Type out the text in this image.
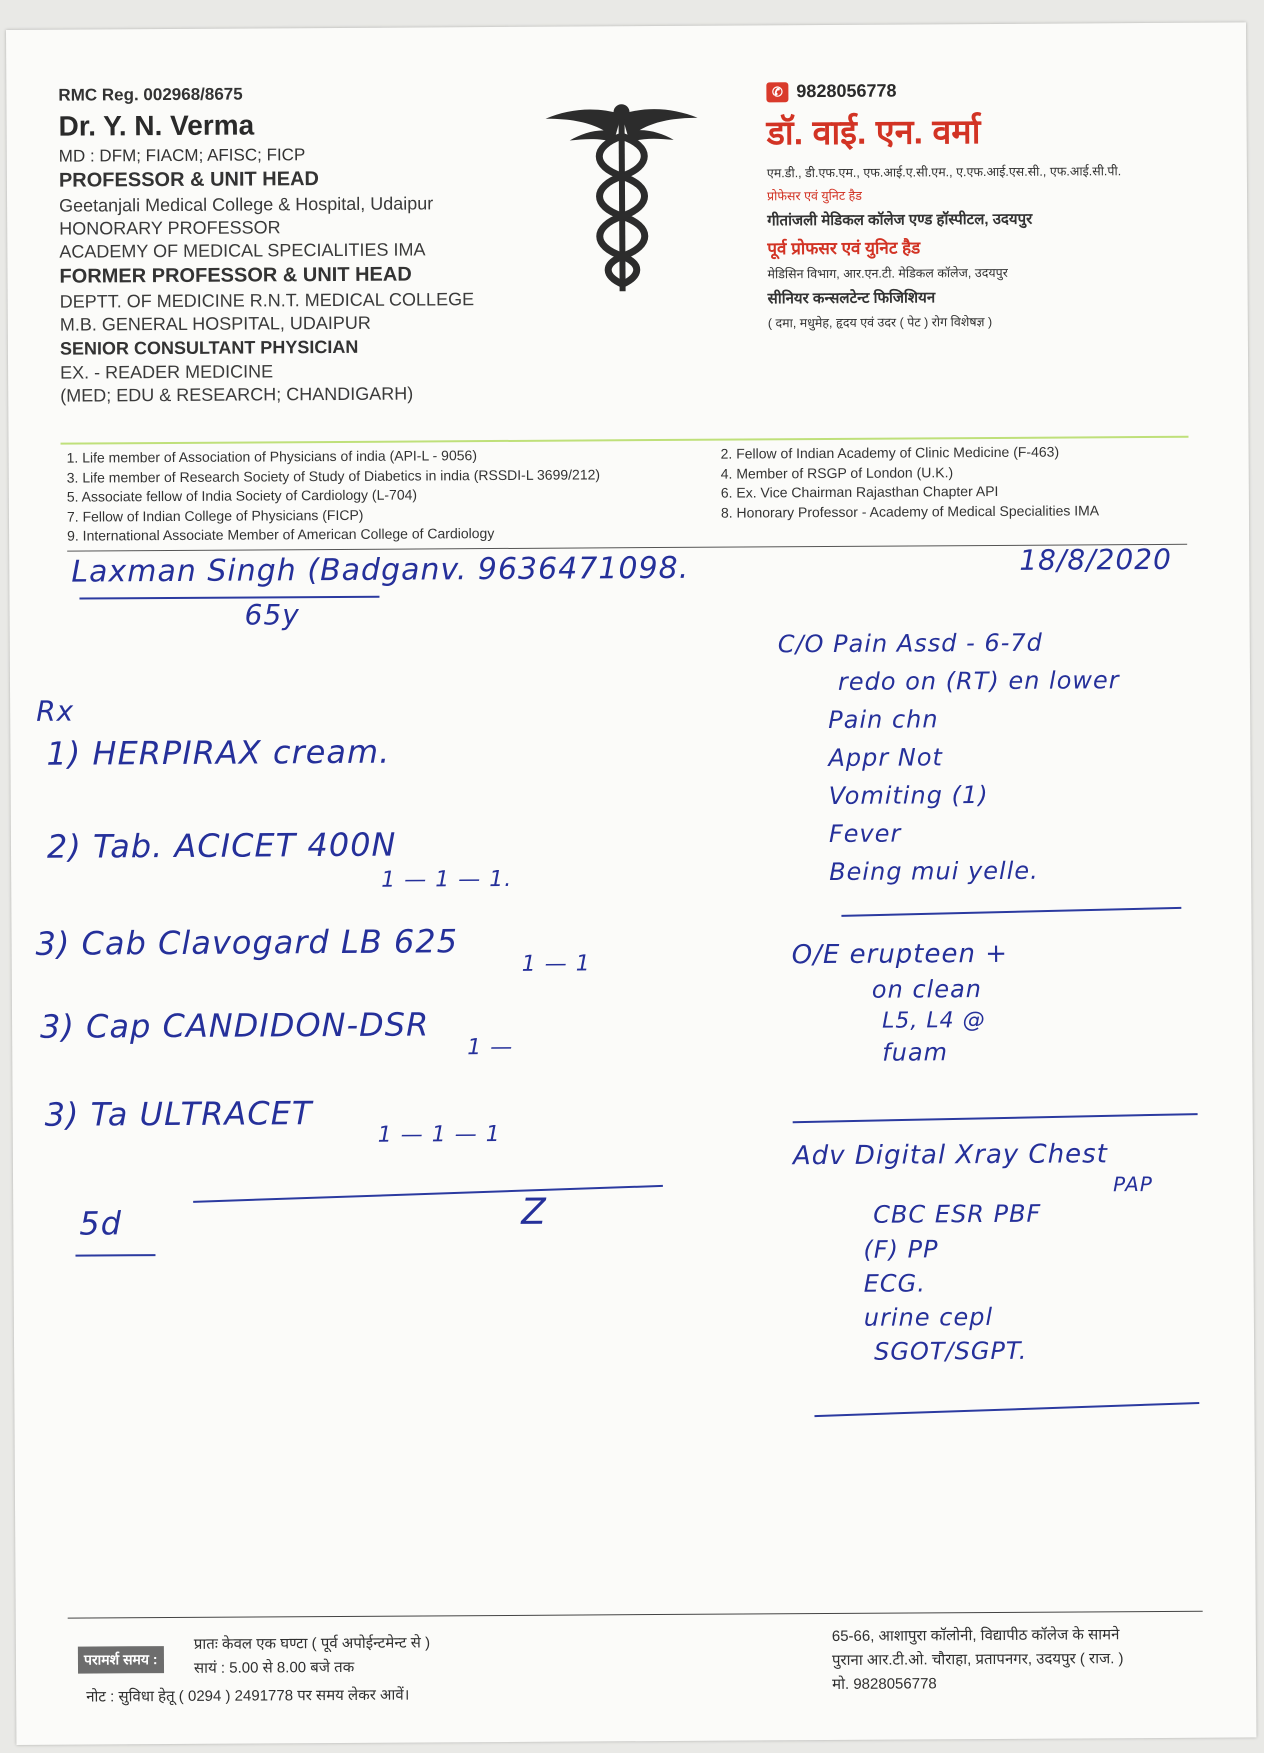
RMC Reg. 002968/8675
Dr. Y. N. Verma
MD : DFM; FIACM; AFISC; FICP
PROFESSOR & UNIT HEAD
Geetanjali Medical College & Hospital, Udaipur
HONORARY PROFESSOR
ACADEMY OF MEDICAL SPECIALITIES IMA
FORMER PROFESSOR & UNIT HEAD
DEPTT. OF MEDICINE R.N.T. MEDICAL COLLEGE
M.B. GENERAL HOSPITAL, UDAIPUR
SENIOR CONSULTANT PHYSICIAN
EX. - READER MEDICINE
(MED; EDU & RESEARCH; CHANDIGARH)
✆ 9828056778
डॉ. वाई. एन. वर्मा
एम.डी., डी.एफ.एम., एफ.आई.ए.सी.एम., ए.एफ.आई.एस.सी., एफ.आई.सी.पी.
प्रोफेसर एवं युनिट हैड
गीतांजली मेडिकल कॉलेज एण्ड हॉस्पीटल, उदयपुर
पूर्व प्रोफसर एवं युनिट हैड
मेडिसिन विभाग, आर.एन.टी. मेडिकल कॉलेज, उदयपुर
सीनियर कन्सलटेन्ट फिजिशियन
( दमा, मधुमेह, हृदय एवं उदर ( पेट ) रोग विशेषज्ञ )
1. Life member of Association of Physicians of india (API-L - 9056)
3. Life member of Research Society of Study of Diabetics in india (RSSDI-L 3699/212)
5. Associate fellow of India Society of Cardiology (L-704)
7. Fellow of Indian College of Physicians (FICP)
9. International Associate Member of American College of Cardiology
2. Fellow of Indian Academy of Clinic Medicine (F-463)
4. Member of RSGP of London (U.K.)
6. Ex. Vice Chairman Rajasthan Chapter API
8. Honorary Professor - Academy of Medical Specialities IMA
Laxman Singh (Badganv. 9636471098.
65y
18/8/2020
Rx
1) HERPIRAX cream.
2) Tab. ACICET 400N
1 — 1 — 1.
3) Cab Clavogard LB 625
1 — 1
3) Cap CANDIDON-DSR
1 —
3) Ta ULTRACET
1 — 1 — 1
5d	Z
C/O Pain Assd - 6-7d
redo on (RT) en lower
Pain chn
Appr Not
Vomiting (1)
Fever
Being mui yelle.
O/E erupteen +
on clean
L5, L4 @
fuam
Adv Digital Xray Chest
PAP
CBC ESR PBF
(F) PP
ECG.
urine cepl
SGOT/SGPT.
परामर्श समय :
प्रातः केवल एक घण्टा ( पूर्व अपोईन्टमेन्ट से )
सायं : 5.00 से 8.00 बजे तक
नोट : सुविधा हेतू ( 0294 ) 2491778 पर समय लेकर आवें।
65-66, आशापुरा कॉलोनी, विद्यापीठ कॉलेज के सामने
पुराना आर.टी.ओ. चौराहा, प्रतापनगर, उदयपुर ( राज. )
मो. 9828056778
